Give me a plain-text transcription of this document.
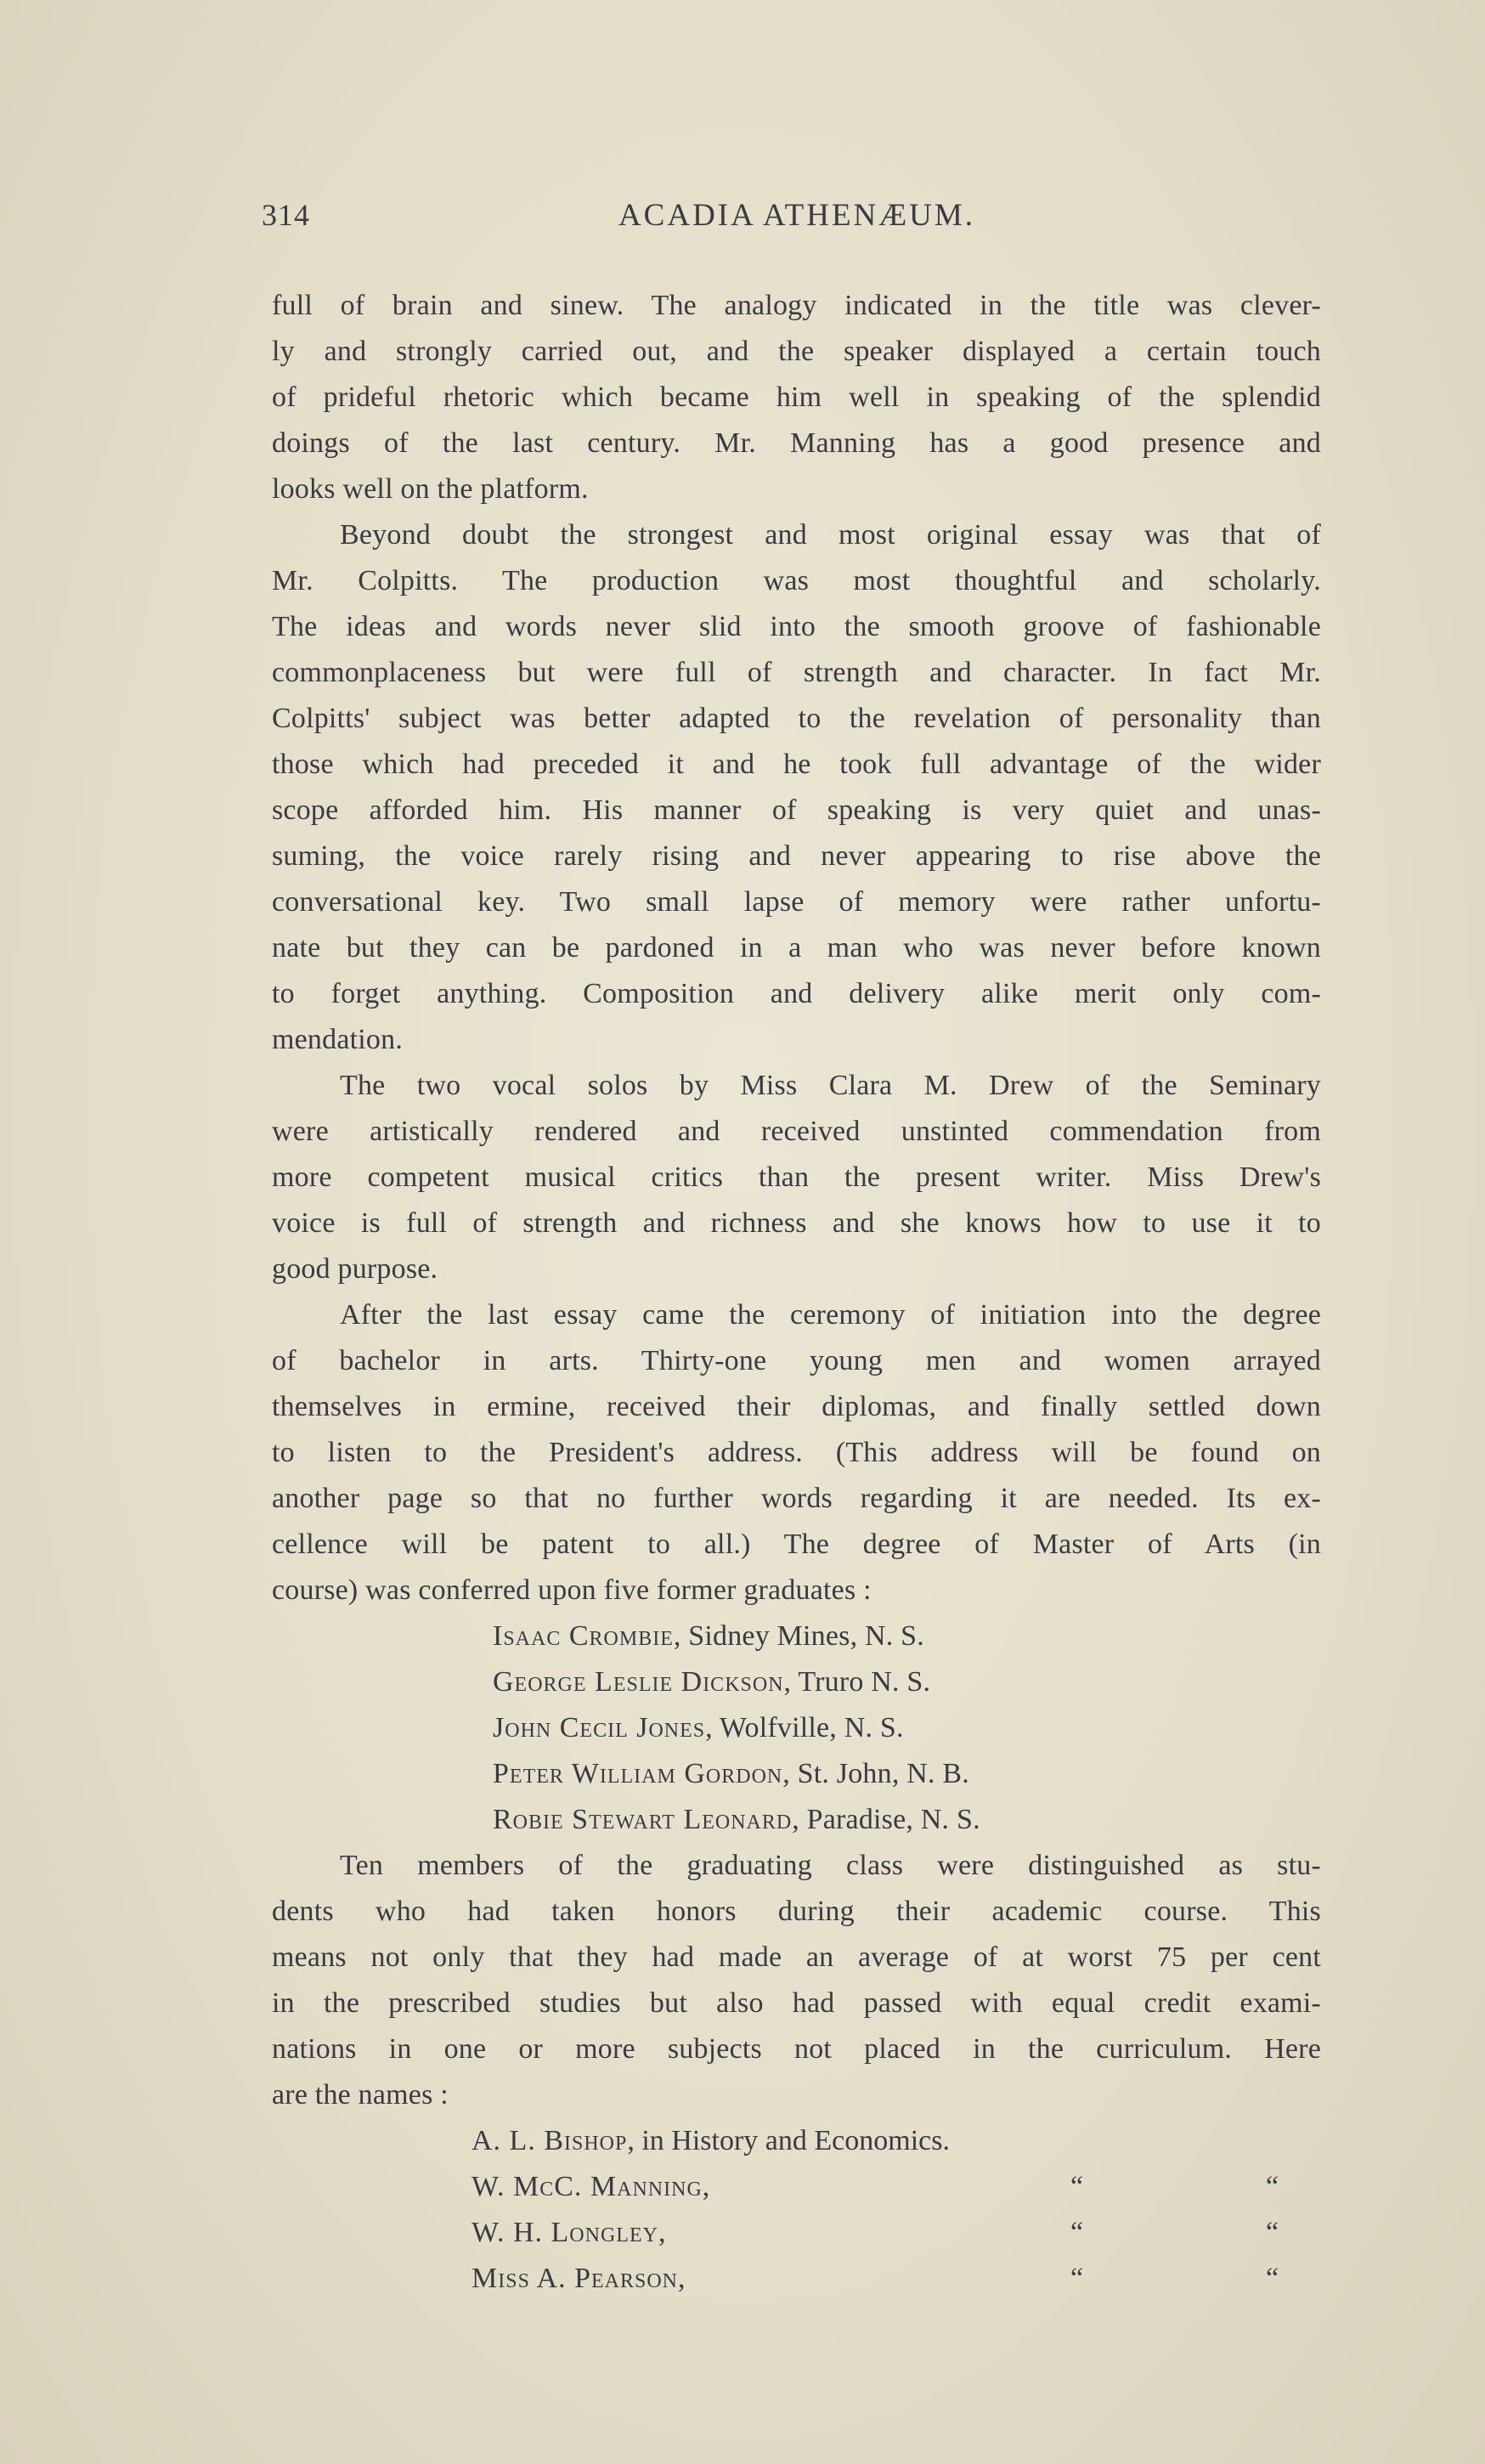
314	ACADIA ATHENÆUM.
full of brain and sinew. The analogy indicated in the title was clever-
ly and strongly carried out, and the speaker displayed a certain touch
of prideful rhetoric which became him well in speaking of the splendid
doings of the last century. Mr. Manning has a good presence and
looks well on the platform.
Beyond doubt the strongest and most original essay was that of
Mr. Colpitts. The production was most thoughtful and scholarly.
The ideas and words never slid into the smooth groove of fashionable
commonplaceness but were full of strength and character. In fact Mr.
Colpitts' subject was better adapted to the revelation of personality than
those which had preceded it and he took full advantage of the wider
scope afforded him. His manner of speaking is very quiet and unas-
suming, the voice rarely rising and never appearing to rise above the
conversational key. Two small lapse of memory were rather unfortu-
nate but they can be pardoned in a man who was never before known
to forget anything. Composition and delivery alike merit only com-
mendation.
The two vocal solos by Miss Clara M. Drew of the Seminary
were artistically rendered and received unstinted commendation from
more competent musical critics than the present writer. Miss Drew's
voice is full of strength and richness and she knows how to use it to
good purpose.
After the last essay came the ceremony of initiation into the degree
of bachelor in arts. Thirty-one young men and women arrayed
themselves in ermine, received their diplomas, and finally settled down
to listen to the President's address. (This address will be found on
another page so that no further words regarding it are needed. Its ex-
cellence will be patent to all.) The degree of Master of Arts (in
course) was conferred upon five former graduates :
Isaac Crombie, Sidney Mines, N. S.
George Leslie Dickson, Truro N. S.
John Cecil Jones, Wolfville, N. S.
Peter William Gordon, St. John, N. B.
Robie Stewart Leonard, Paradise, N. S.
Ten members of the graduating class were distinguished as stu-
dents who had taken honors during their academic course. This
means not only that they had made an average of at worst 75 per cent
in the prescribed studies but also had passed with equal credit exami-
nations in one or more subjects not placed in the curriculum. Here
are the names :
A. L. Bishop, in History and Economics.
W. McC. Manning,	“	“
W. H. Longley,	“	“
Miss A. Pearson,	“	“
